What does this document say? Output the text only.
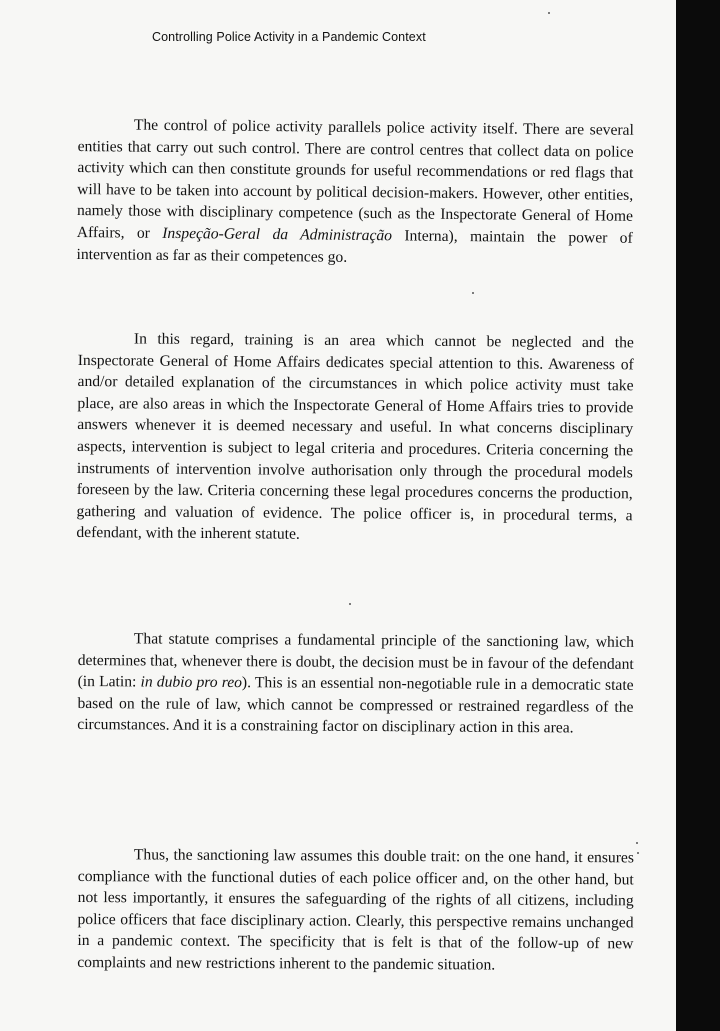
Controlling Police Activity in a Pandemic Context

The control of police activity parallels police activity itself. There are several entities that carry out such control. There are control centres that collect data on police activity which can then constitute grounds for useful recommendations or red flags that will have to be taken into account by political decision-makers. However, other entities, namely those with disciplinary competence (such as the Inspectorate General of Home Affairs, or Inspeção-Geral da Administração Interna), maintain the power of intervention as far as their competences go.

In this regard, training is an area which cannot be neglected and the Inspectorate General of Home Affairs dedicates special attention to this. Awareness of and/or detailed explanation of the circumstances in which police activity must take place, are also areas in which the Inspectorate General of Home Affairs tries to provide answers whenever it is deemed necessary and useful. In what concerns disciplinary aspects, intervention is subject to legal criteria and procedures. Criteria concerning the instruments of intervention involve authorisation only through the procedural models foreseen by the law. Criteria concerning these legal procedures concerns the production, gathering and valuation of evidence. The police officer is, in procedural terms, a defendant, with the inherent statute.

That statute comprises a fundamental principle of the sanctioning law, which determines that, whenever there is doubt, the decision must be in favour of the defendant (in Latin: in dubio pro reo). This is an essential non-negotiable rule in a democratic state based on the rule of law, which cannot be compressed or restrained regardless of the circumstances. And it is a constraining factor on disciplinary action in this area.

Thus, the sanctioning law assumes this double trait: on the one hand, it ensures compliance with the functional duties of each police officer and, on the other hand, but not less importantly, it ensures the safeguarding of the rights of all citizens, including police officers that face disciplinary action. Clearly, this perspective remains unchanged in a pandemic context. The specificity that is felt is that of the follow-up of new complaints and new restrictions inherent to the pandemic situation.
